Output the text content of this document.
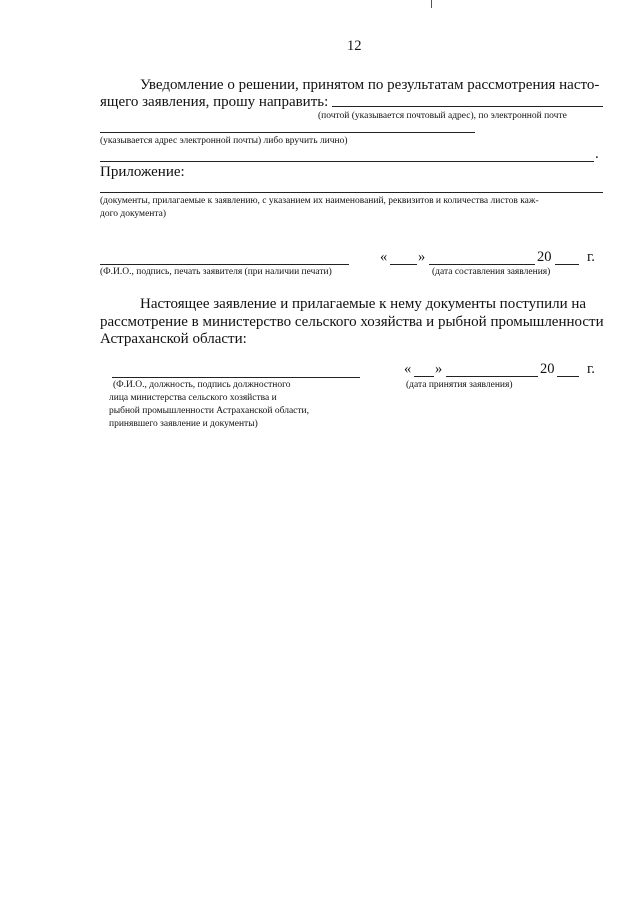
12
Уведомление о решении, принятом по результатам рассмотрения насто-
ящего заявления, прошу направить:
(почтой (указывается почтовый адрес), по электронной почте
(указывается адрес электронной почты) либо вручить лично)
.
Приложение:
(документы, прилагаемые к заявлению, с указанием их наименований, реквизитов и количества листов каж-
дого документа)
« »	20 г.
(Ф.И.О., подпись, печать заявителя (при наличии печати)	(дата составления заявления)
Настоящее заявление и прилагаемые к нему документы поступили на
рассмотрение в министерство сельского хозяйства и рыбной промышленности
Астраханской области:
« »	20 г.
(Ф.И.О., должность, подпись должностного
лица министерства сельского хозяйства и
рыбной промышленности Астраханской области,
принявшего заявление и документы)
(дата принятия заявления)
